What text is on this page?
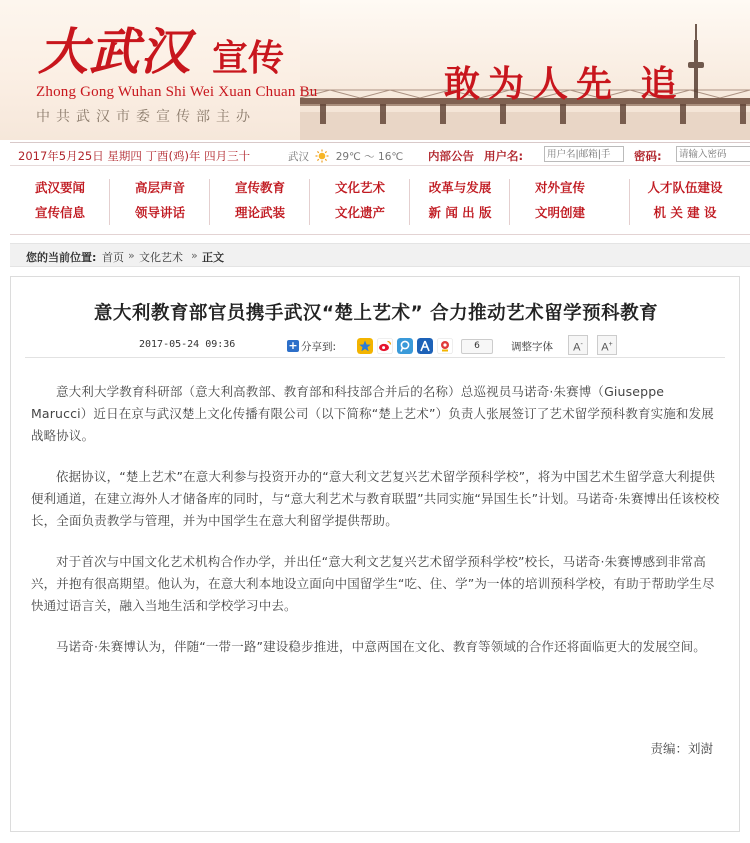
大武汉 宣传
Zhong Gong Wuhan Shi Wei Xuan Chuan Bu
中共武汉市委宣传部主办
敢为人先 追
2017年5月25日 星期四 丁酉(鸡)年 四月三十	武汉	29℃ ～ 16℃ 内部公告 用户名:
用户名|邮箱|手	密码:
请输入密码
武汉要闻
宣传信息
高层声音
领导讲话
宣传教育
理论武装
文化艺术
文化遗产
改革与发展
新 闻 出 版
对外宣传
文明创建
人才队伍建设
机 关 建 设
您的当前位置: 首页 » 文化艺术 » 正文
意大利教育部官员携手武汉“楚上艺术” 合力推动艺术留学预科教育
2017-05-24 09:36	+ 分享到:	6	调整字体	A-	A+

意大利大学教育科研部（意大利高教部、教育部和科技部合并后的名称）总巡视员马诺奇·朱赛博（Giuseppe　Marucci）近日在京与武汉楚上文化传播有限公司（以下简称“楚上艺术”）负责人张展签订了艺术留学预科教育实施和发展战略协议。

依据协议，“楚上艺术”在意大利参与投资开办的“意大利文艺复兴艺术留学预科学校”，将为中国艺术生留学意大利提供便利通道，在建立海外人才储备库的同时，与“意大利艺术与教育联盟”共同实施“异国生长”计划。马诺奇·朱赛博出任该校校长，全面负责教学与管理，并为中国学生在意大利留学提供帮助。

对于首次与中国文化艺术机构合作办学，并出任“意大利文艺复兴艺术留学预科学校”校长，马诺奇·朱赛博感到非常高兴，并抱有很高期望。他认为，在意大利本地设立面向中国留学生“吃、住、学”为一体的培训预科学校，有助于帮助学生尽快通过语言关，融入当地生活和学校学习中去。

马诺奇·朱赛博认为，伴随“一带一路”建设稳步推进，中意两国在文化、教育等领域的合作还将面临更大的发展空间。

责编：刘澍
